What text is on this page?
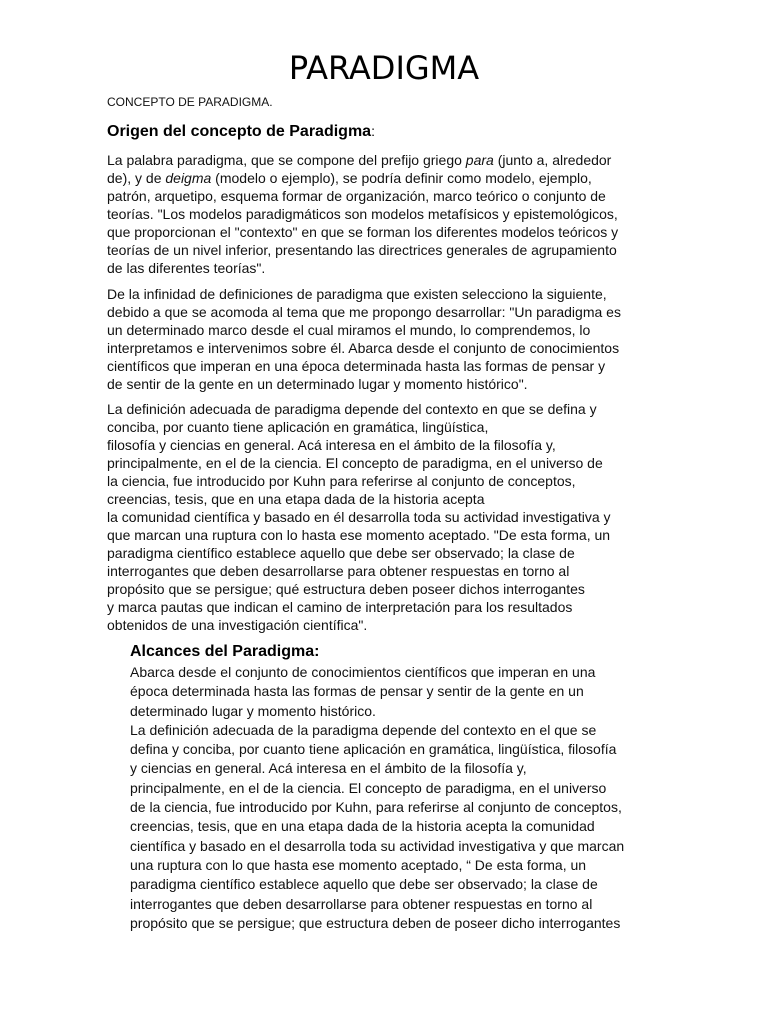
PARADIGMA
CONCEPTO DE PARADIGMA.
Origen del concepto de Paradigma:
La palabra paradigma, que se compone del prefijo griego para (junto a, alrededor
de), y de deigma (modelo o ejemplo), se podría definir como modelo, ejemplo,
patrón, arquetipo, esquema formar de organización, marco teórico o conjunto de
teorías. "Los modelos paradigmáticos son modelos metafísicos y epistemológicos,
que proporcionan el "contexto" en que se forman los diferentes modelos teóricos y
teorías de un nivel inferior, presentando las directrices generales de agrupamiento
de las diferentes teorías".
De la infinidad de definiciones de paradigma que existen selecciono la siguiente,
debido a que se acomoda al tema que me propongo desarrollar: "Un paradigma es
un determinado marco desde el cual miramos el mundo, lo comprendemos, lo
interpretamos e intervenimos sobre él. Abarca desde el conjunto de conocimientos
científicos que imperan en una época determinada hasta las formas de pensar y
de sentir de la gente en un determinado lugar y momento histórico".
La definición adecuada de paradigma depende del contexto en que se defina y
conciba, por cuanto tiene aplicación en gramática, lingüística,
filosofía y ciencias en general. Acá interesa en el ámbito de la filosofía y,
principalmente, en el de la ciencia. El concepto de paradigma, en el universo de
la ciencia, fue introducido por Kuhn para referirse al conjunto de conceptos,
creencias, tesis, que en una etapa dada de la historia acepta
la comunidad científica y basado en él desarrolla toda su actividad investigativa y
que marcan una ruptura con lo hasta ese momento aceptado. "De esta forma, un
paradigma científico establece aquello que debe ser observado; la clase de
interrogantes que deben desarrollarse para obtener respuestas en torno al
propósito que se persigue; qué estructura deben poseer dichos interrogantes
y marca pautas que indican el camino de interpretación para los resultados
obtenidos de una investigación científica".
Alcances del Paradigma:
Abarca desde el conjunto de conocimientos científicos que imperan en una
época determinada hasta las formas de pensar y sentir de la gente en un
determinado lugar y momento histórico.
La definición adecuada de la paradigma depende del contexto en el que se
defina y conciba, por cuanto tiene aplicación en gramática, lingüística, filosofía
y ciencias en general. Acá interesa en el ámbito de la filosofía y,
principalmente, en el de la ciencia. El concepto de paradigma, en el universo
de la ciencia, fue introducido por Kuhn, para referirse al conjunto de conceptos,
creencias, tesis, que en una etapa dada de la historia acepta la comunidad
científica y basado en el desarrolla toda su actividad investigativa y que marcan
una ruptura con lo que hasta ese momento aceptado, “ De esta forma, un
paradigma científico establece aquello que debe ser observado; la clase de
interrogantes que deben desarrollarse para obtener respuestas en torno al
propósito que se persigue; que estructura deben de poseer dicho interrogantes
